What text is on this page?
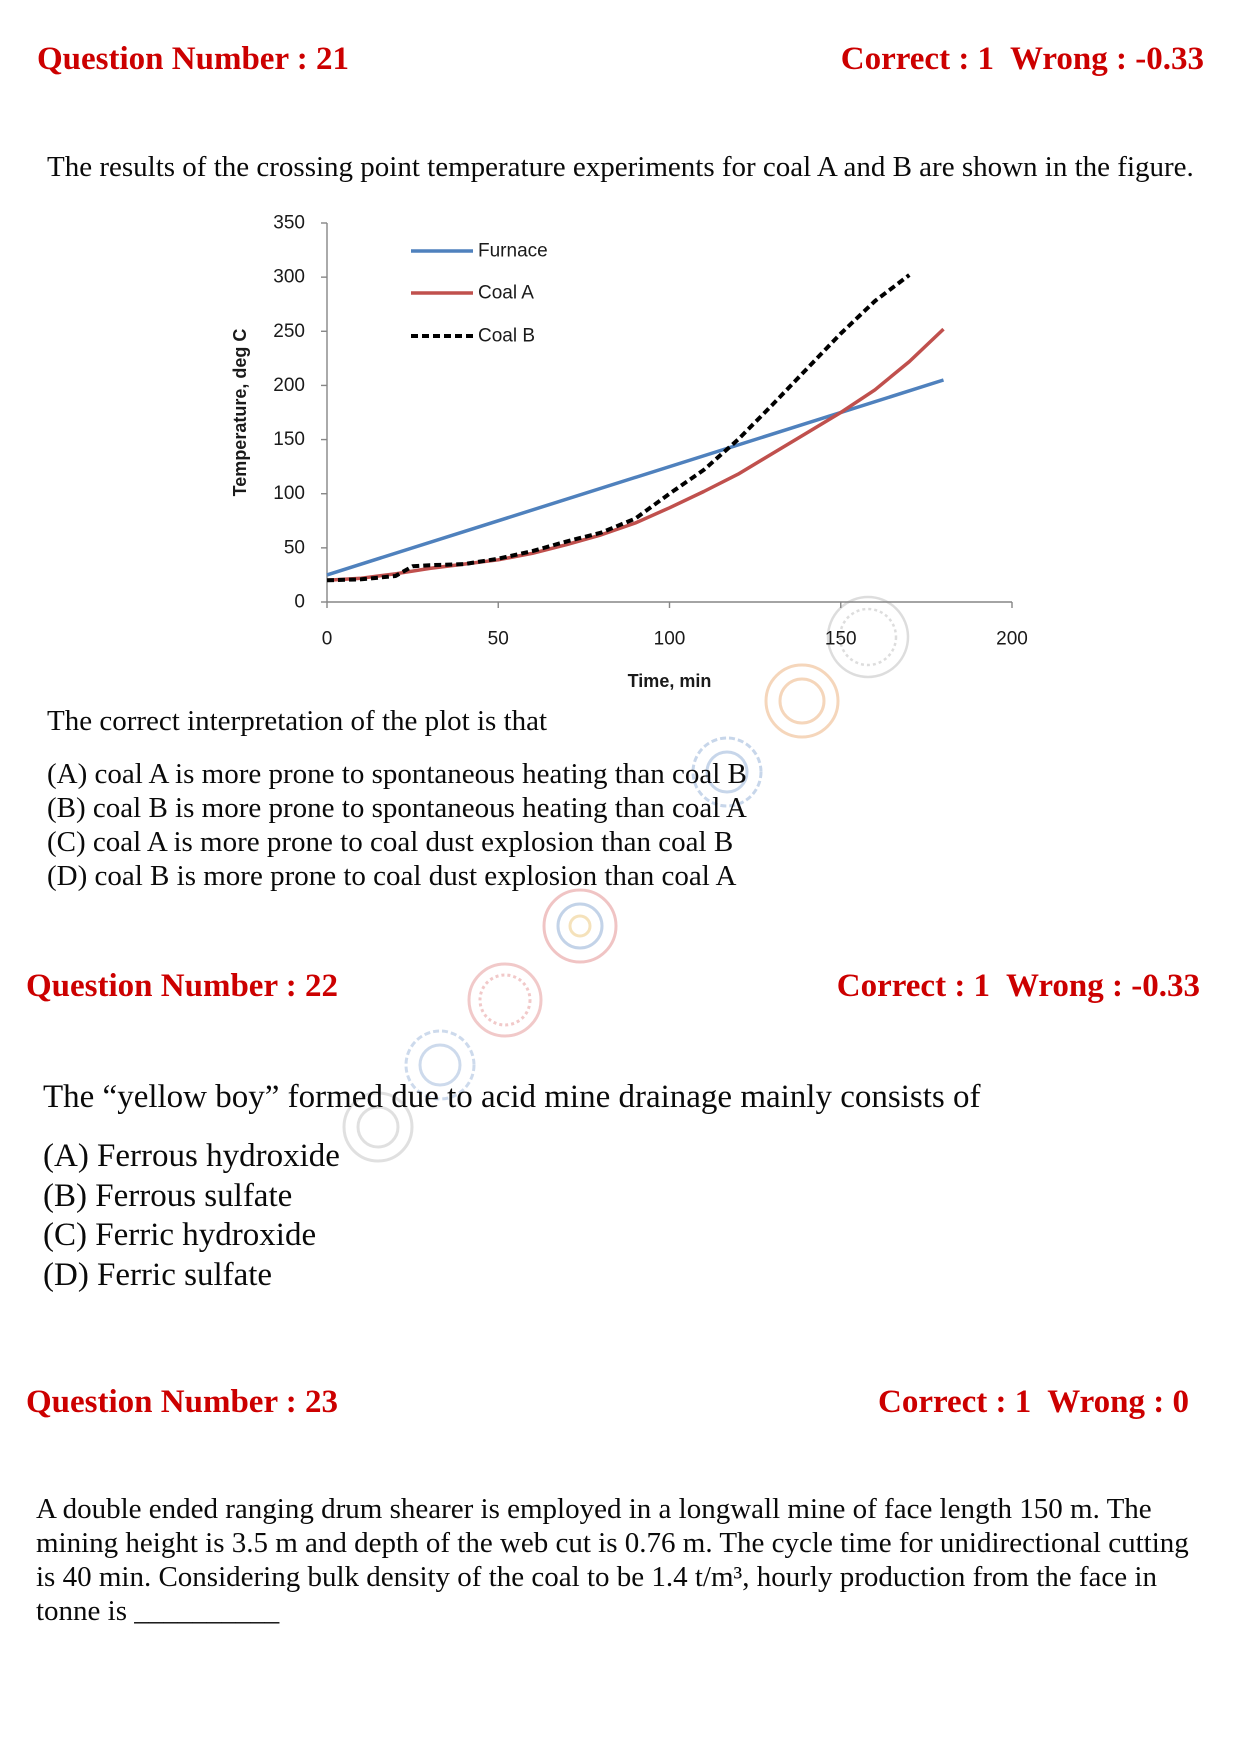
Question Number : 21	Correct : 1  Wrong : -0.33
The results of the crossing point temperature experiments for coal A and B are shown in the figure.
0
50
100
150
200
250
300
350
0	50	100	150	200
Time, min
Temperature, deg C
Furnace
Coal A
Coal B
The correct interpretation of the plot is that
(A) coal A is more prone to spontaneous heating than coal B
(B) coal B is more prone to spontaneous heating than coal A
(C) coal A is more prone to coal dust explosion than coal B
(D) coal B is more prone to coal dust explosion than coal A
Question Number : 22	Correct : 1  Wrong : -0.33
The “yellow boy” formed due to acid mine drainage mainly consists of
(A) Ferrous hydroxide
(B) Ferrous sulfate
(C) Ferric hydroxide
(D) Ferric sulfate
Question Number : 23	Correct : 1  Wrong : 0
A double ended ranging drum shearer is employed in a longwall mine of face length 150 m. The
mining height is 3.5 m and depth of the web cut is 0.76 m. The cycle time for unidirectional cutting
is 40 min. Considering bulk density of the coal to be 1.4 t/m³, hourly production from the face in
tonne is __________
